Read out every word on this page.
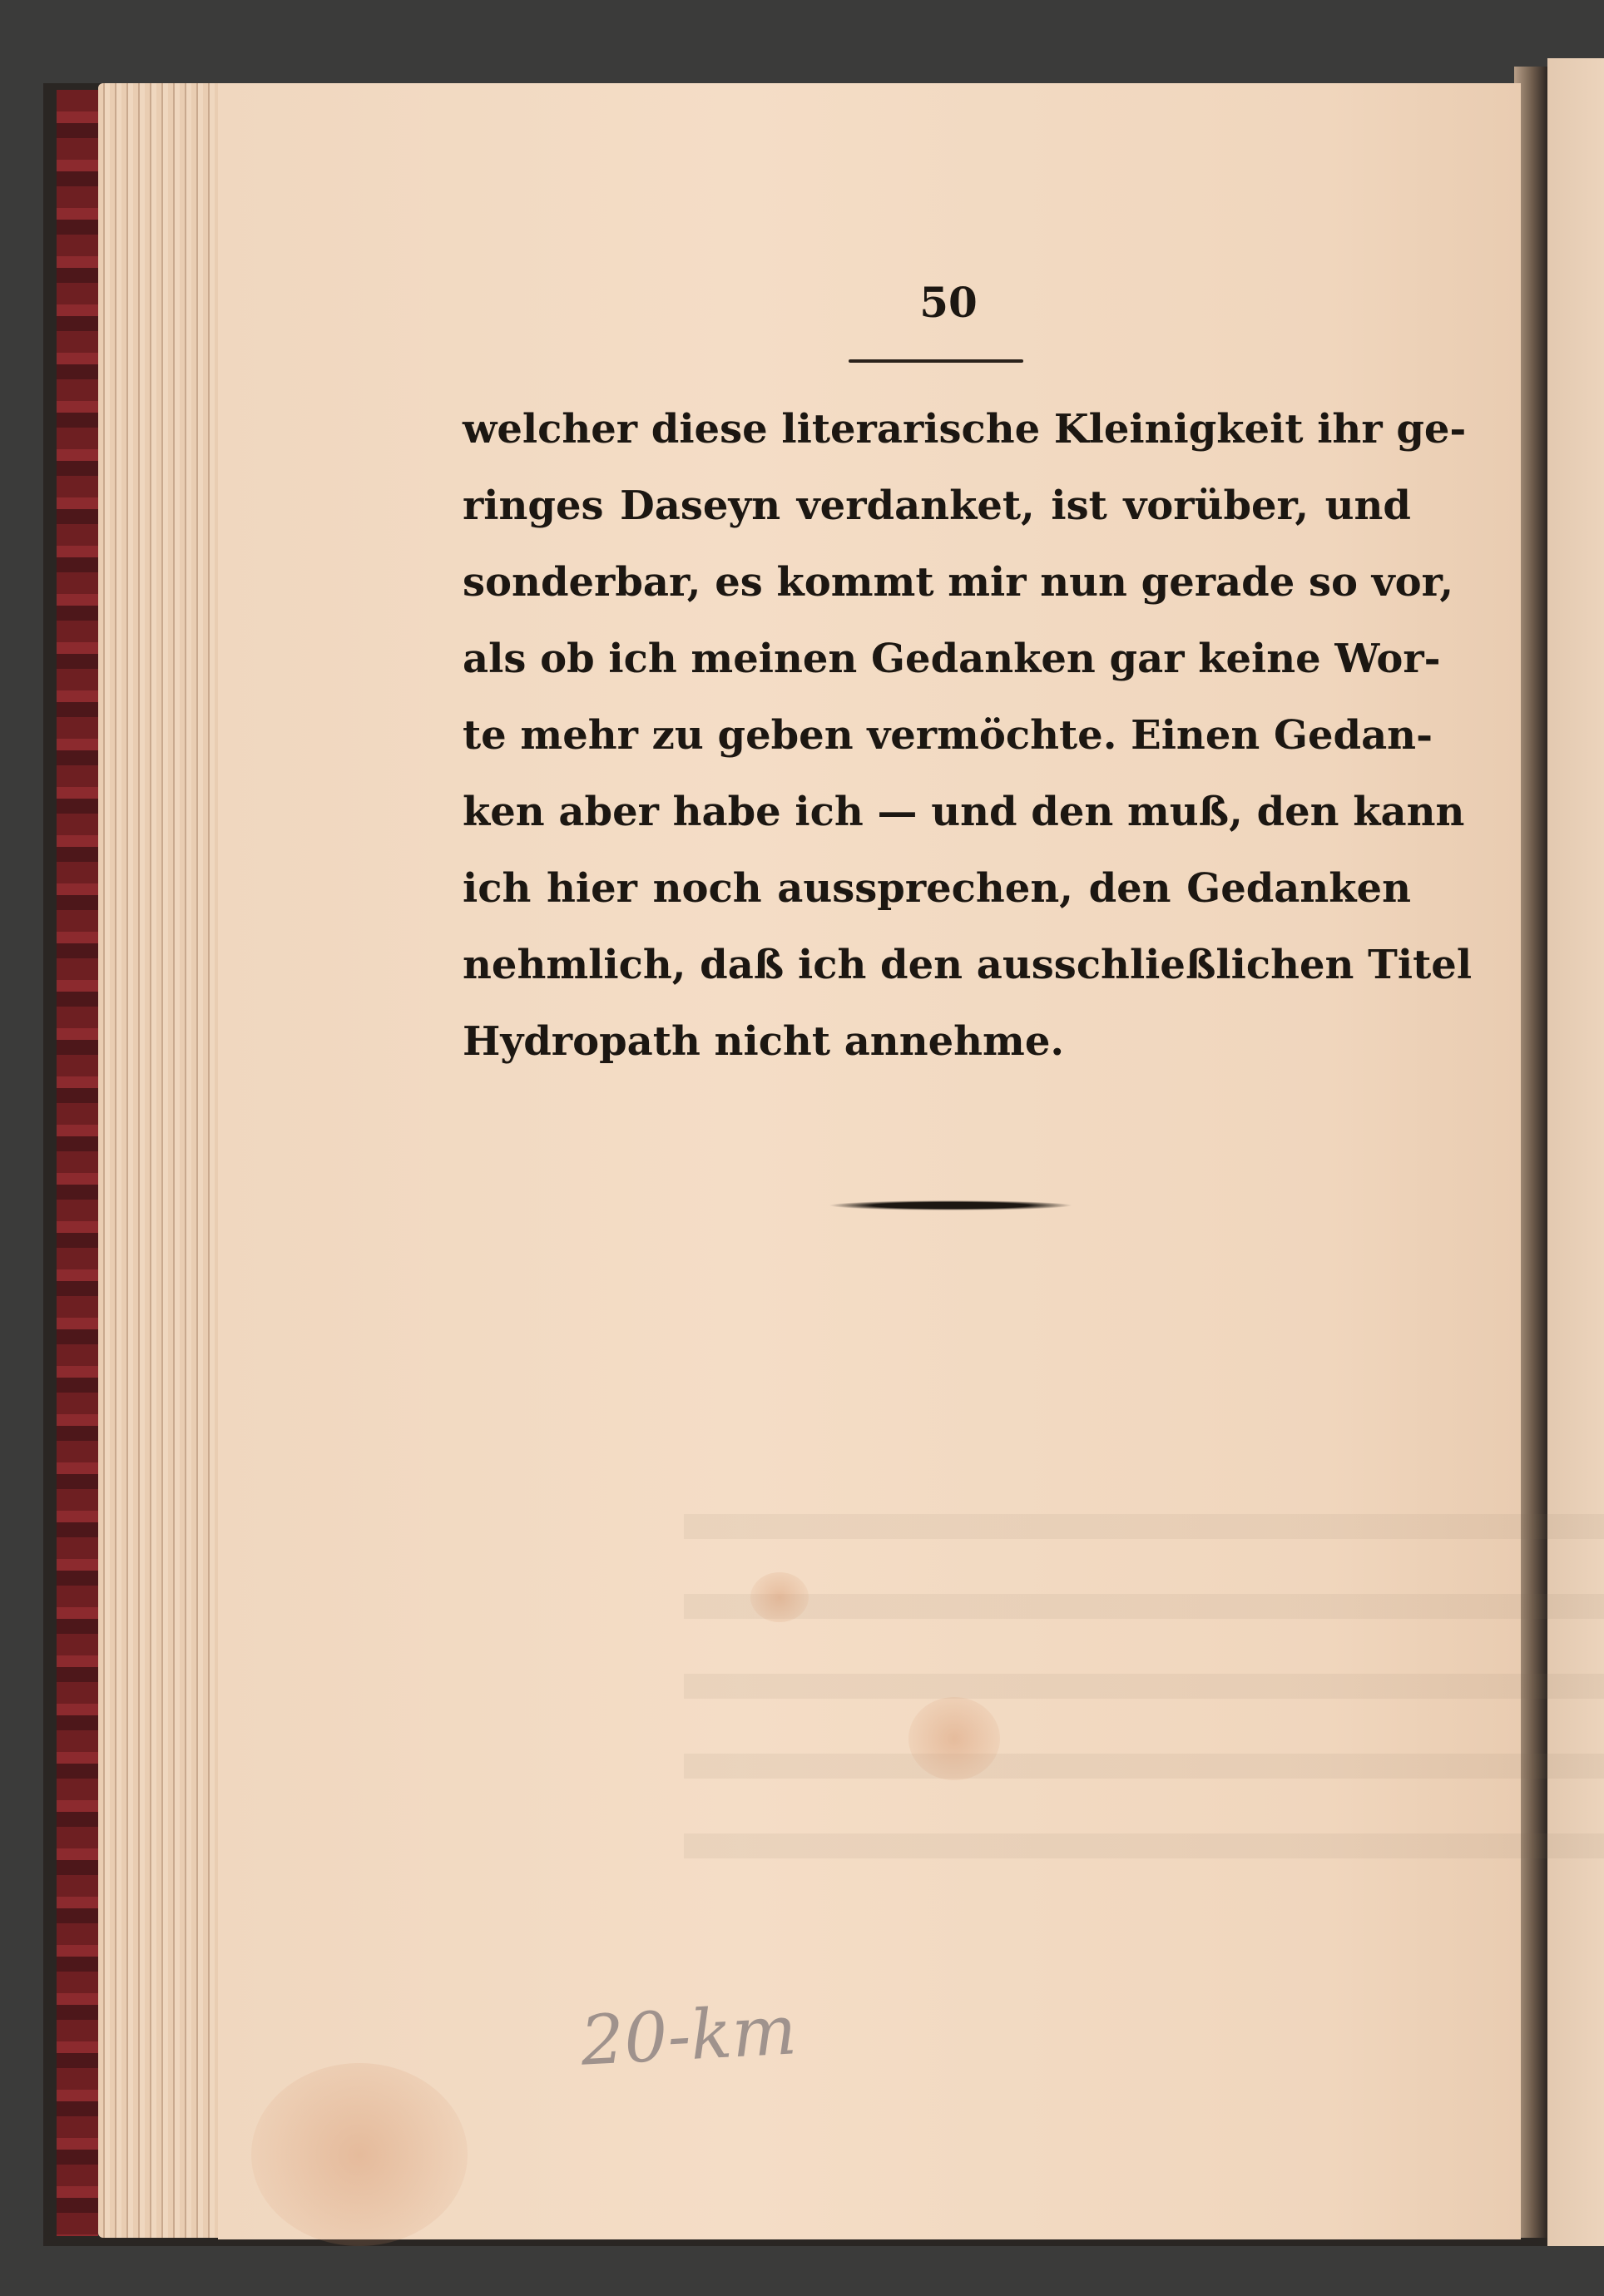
50
welcher diese literarische Kleinigkeit ihr ge-
ringes Daseyn verdanket, ist vorüber, und
sonderbar, es kommt mir nun gerade so vor,
als ob ich meinen Gedanken gar keine Wor-
te mehr zu geben vermöchte. Einen Gedan-
ken aber habe ich — und den muß, den kann
ich hier noch aussprechen, den Gedanken
nehmlich, daß ich den ausschließlichen Titel
Hydropath nicht annehme.
20-km
